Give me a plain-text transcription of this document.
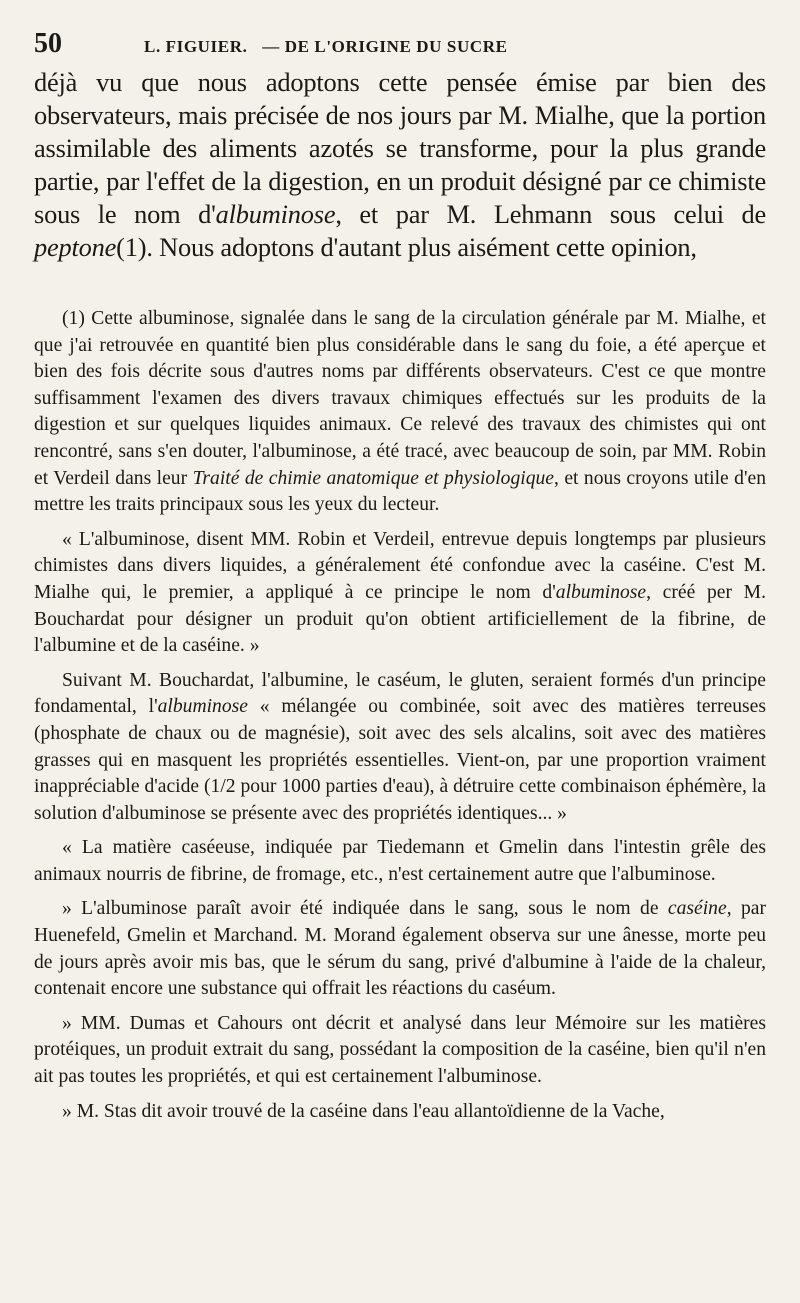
50	L. FIGUIER. — DE L'ORIGINE DU SUCRE

déjà vu que nous adoptons cette pensée émise par bien des observateurs, mais précisée de nos jours par M. Mialhe, que la portion assimilable des aliments azotés se transforme, pour la plus grande partie, par l'effet de la digestion, en un produit désigné par ce chimiste sous le nom d'albuminose, et par M. Lehmann sous celui de peptone(1). Nous adoptons d'autant plus aisément cette opinion,

(1) Cette albuminose, signalée dans le sang de la circulation générale par M. Mialhe, et que j'ai retrouvée en quantité bien plus considérable dans le sang du foie, a été aperçue et bien des fois décrite sous d'autres noms par différents observateurs. C'est ce que montre suffisamment l'examen des divers travaux chimiques effectués sur les produits de la digestion et sur quelques liquides animaux. Ce relevé des travaux des chimistes qui ont rencontré, sans s'en douter, l'albuminose, a été tracé, avec beaucoup de soin, par MM. Robin et Verdeil dans leur Traité de chimie anatomique et physiologique, et nous croyons utile d'en mettre les traits principaux sous les yeux du lecteur.

« L'albuminose, disent MM. Robin et Verdeil, entrevue depuis longtemps par plusieurs chimistes dans divers liquides, a généralement été confondue avec la caséine. C'est M. Mialhe qui, le premier, a appliqué à ce principe le nom d'albuminose, créé per M. Bouchardat pour désigner un produit qu'on obtient artificiellement de la fibrine, de l'albumine et de la caséine. »

Suivant M. Bouchardat, l'albumine, le caséum, le gluten, seraient formés d'un principe fondamental, l'albuminose « mélangée ou combinée, soit avec des matières terreuses (phosphate de chaux ou de magnésie), soit avec des sels alcalins, soit avec des matières grasses qui en masquent les propriétés essentielles. Vient-on, par une proportion vraiment inappréciable d'acide (1/2 pour 1000 parties d'eau), à détruire cette combinaison éphémère, la solution d'albuminose se présente avec des propriétés identiques... »

« La matière caséeuse, indiquée par Tiedemann et Gmelin dans l'intestin grêle des animaux nourris de fibrine, de fromage, etc., n'est certainement autre que l'albuminose.

» L'albuminose paraît avoir été indiquée dans le sang, sous le nom de caséine, par Huenefeld, Gmelin et Marchand. M. Morand également observa sur une ânesse, morte peu de jours après avoir mis bas, que le sérum du sang, privé d'albumine à l'aide de la chaleur, contenait encore une substance qui offrait les réactions du caséum.

» MM. Dumas et Cahours ont décrit et analysé dans leur Mémoire sur les matières protéiques, un produit extrait du sang, possédant la composition de la caséine, bien qu'il n'en ait pas toutes les propriétés, et qui est certainement l'albuminose.

» M. Stas dit avoir trouvé de la caséine dans l'eau allantoïdienne de la Vache,
